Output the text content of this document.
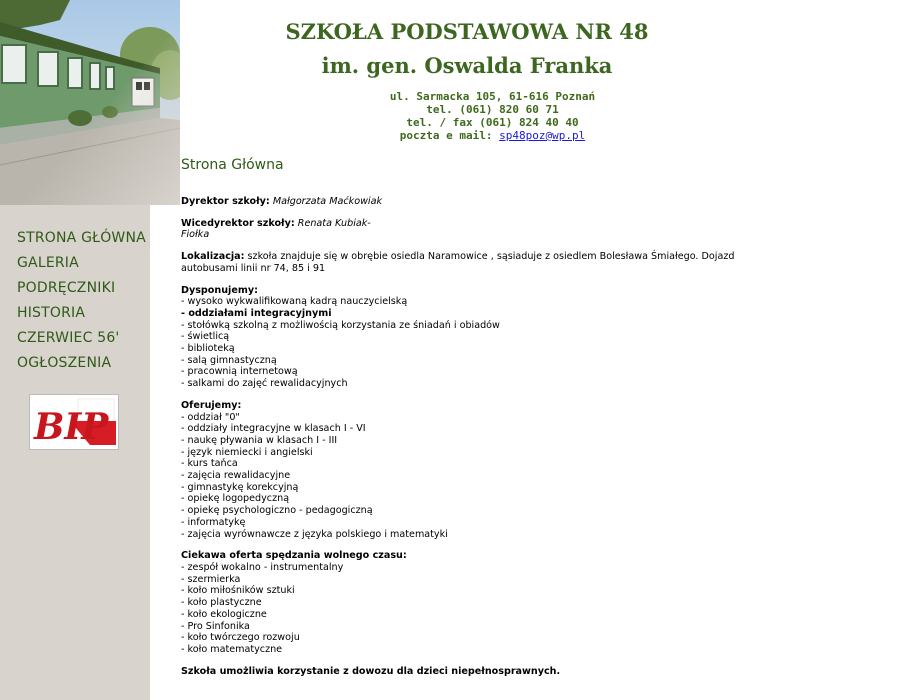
STRONA GŁÓWNA
GALERIA
PODRĘCZNIKI
HISTORIA
CZERWIEC 56'
OGŁOSZENIA
BIP
SZKOŁA PODSTAWOWA NR 48
im. gen. Oswalda Franka
ul. Sarmacka 105, 61-616 Poznań
tel. (061) 820 60 71
tel. / fax (061) 824 40 40
poczta e mail: sp48poz@wp.pl
Strona Główna

Dyrektor szkoły: Małgorzata Maćkowiak

Wicedyrektor szkoły: Renata Kubiak-Fiołka

Lokalizacja: szkoła znajduje się w obrębie osiedla Naramowice , sąsiaduje z osiedlem Bolesława Śmiałego. Dojazd autobusami linii nr 74, 85 i 91

Dysponujemy:
- wysoko wykwalifikowaną kadrą nauczycielską
- oddziałami integracyjnymi
- stołówką szkolną z możliwością korzystania ze śniadań i obiadów
- świetlicą
- biblioteką
- salą gimnastyczną
- pracownią internetową
- salkami do zajęć rewalidacyjnych
Oferujemy:
- oddział "0"
- oddziały integracyjne w klasach I - VI
- naukę pływania w klasach I - III
- język niemiecki i angielski
- kurs tańca
- zajęcia rewalidacyjne
- gimnastykę korekcyjną
- opiekę logopedyczną
- opiekę psychologiczno - pedagogiczną
- informatykę
- zajęcia wyrównawcze z języka polskiego i matematyki
Ciekawa oferta spędzania wolnego czasu:
- zespół wokalno - instrumentalny
- szermierka
- koło miłośników sztuki
- koło plastyczne
- koło ekologiczne
- Pro Sinfonika
- koło twórczego rozwoju
- koło matematyczne
Szkoła umożliwia korzystanie z dowozu dla dzieci niepełnosprawnych.
